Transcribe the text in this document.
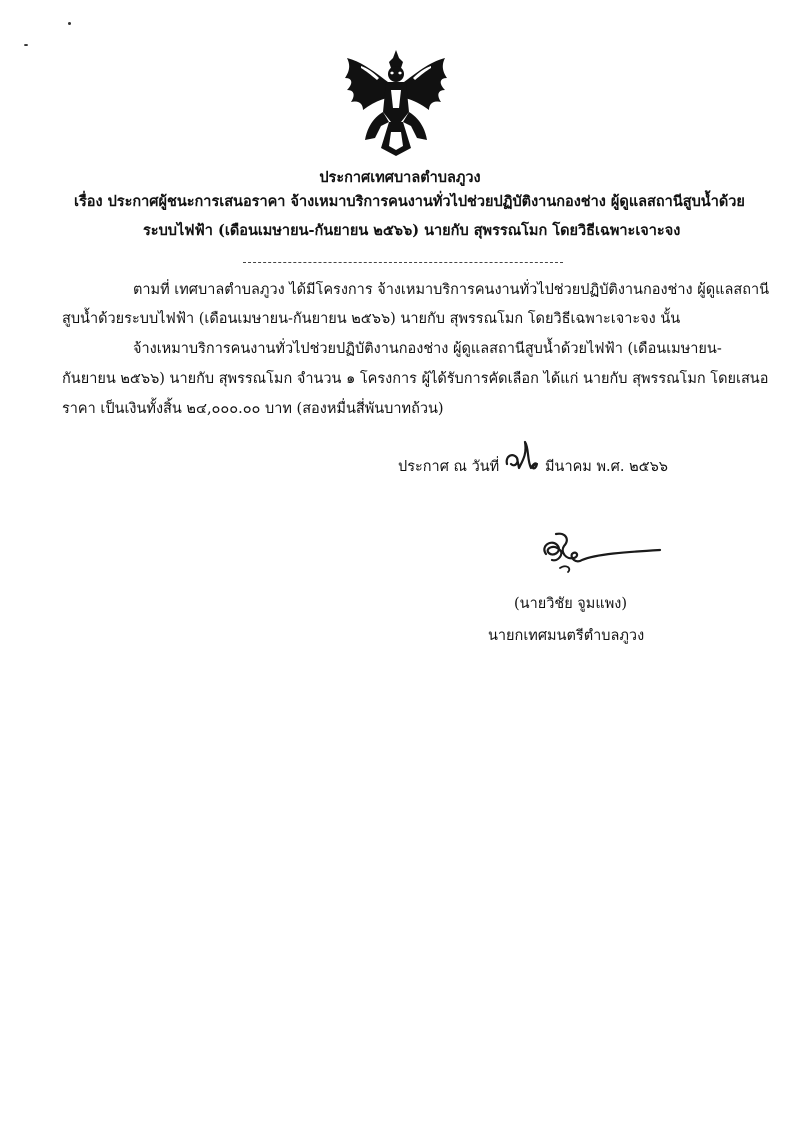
ประกาศเทศบาลตำบลภูวง
เรื่อง ประกาศผู้ชนะการเสนอราคา จ้างเหมาบริการคนงานทั่วไปช่วยปฏิบัติงานกองช่าง ผู้ดูแลสถานีสูบน้ำด้วย
ระบบไฟฟ้า (เดือนเมษายน-กันยายน ๒๕๖๖) นายกับ สุพรรณโมก โดยวิธีเฉพาะเจาะจง
ตามที่ เทศบาลตำบลภูวง ได้มีโครงการ จ้างเหมาบริการคนงานทั่วไปช่วยปฏิบัติงานกองช่าง ผู้ดูแลสถานี
สูบน้ำด้วยระบบไฟฟ้า (เดือนเมษายน-กันยายน ๒๕๖๖) นายกับ สุพรรณโมก โดยวิธีเฉพาะเจาะจง นั้น
จ้างเหมาบริการคนงานทั่วไปช่วยปฏิบัติงานกองช่าง ผู้ดูแลสถานีสูบน้ำด้วยไฟฟ้า (เดือนเมษายน-
กันยายน ๒๕๖๖) นายกับ สุพรรณโมก จำนวน ๑ โครงการ ผู้ได้รับการคัดเลือก ได้แก่ นายกับ สุพรรณโมก โดยเสนอ
ราคา เป็นเงินทั้งสิ้น ๒๔,๐๐๐.๐๐ บาท (สองหมื่นสี่พันบาทถ้วน)
ประกาศ ณ วันที่	มีนาคม พ.ศ. ๒๕๖๖
(นายวิชัย จูมแพง)
นายกเทศมนตรีตำบลภูวง
